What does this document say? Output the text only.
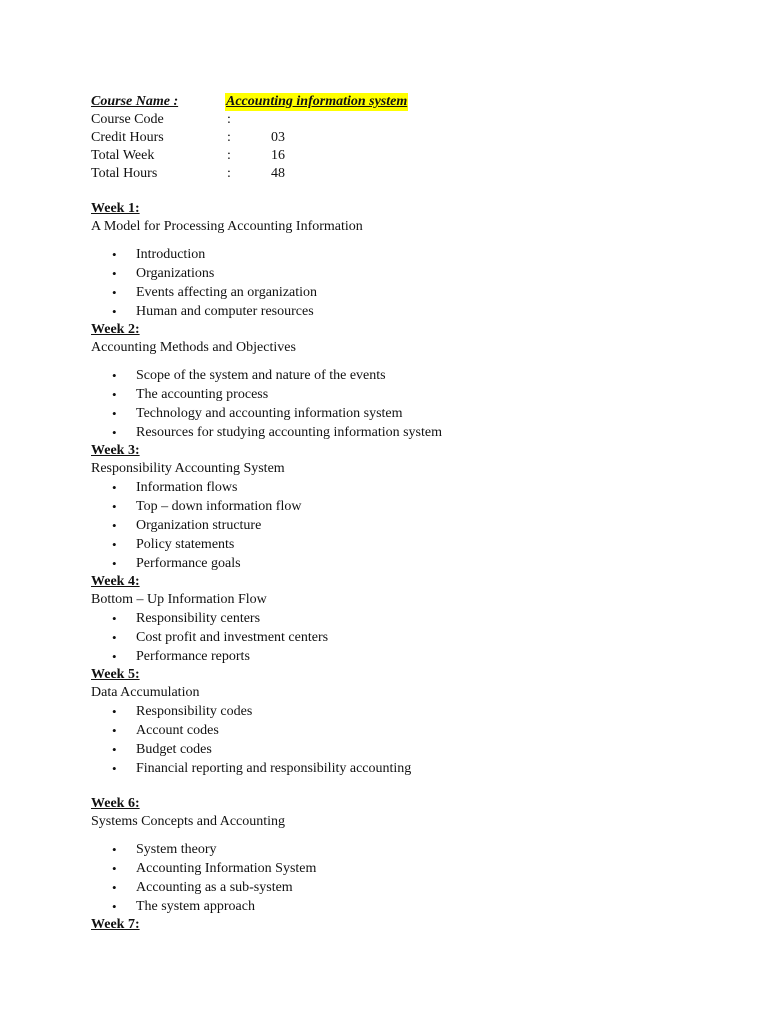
Course Name :	Accounting information system
Course Code	:
Credit Hours	:	03
Total Week	:	16
Total Hours	:	48
Week 1:
A Model for Processing Accounting Information
• Introduction
• Organizations
• Events affecting an organization
• Human and computer resources
Week 2:
Accounting Methods and Objectives
• Scope of the system and nature of the events
• The accounting process
• Technology and accounting information system
• Resources for studying accounting information system
Week 3:
Responsibility Accounting System
• Information flows
• Top – down information flow
• Organization structure
• Policy statements
• Performance goals
Week 4:
Bottom – Up Information Flow
• Responsibility centers
• Cost profit and investment centers
• Performance reports
Week 5:
Data Accumulation
• Responsibility codes
• Account codes
• Budget codes
• Financial reporting and responsibility accounting
Week 6:
Systems Concepts and Accounting
• System theory
• Accounting Information System
• Accounting as a sub-system
• The system approach
Week 7:
